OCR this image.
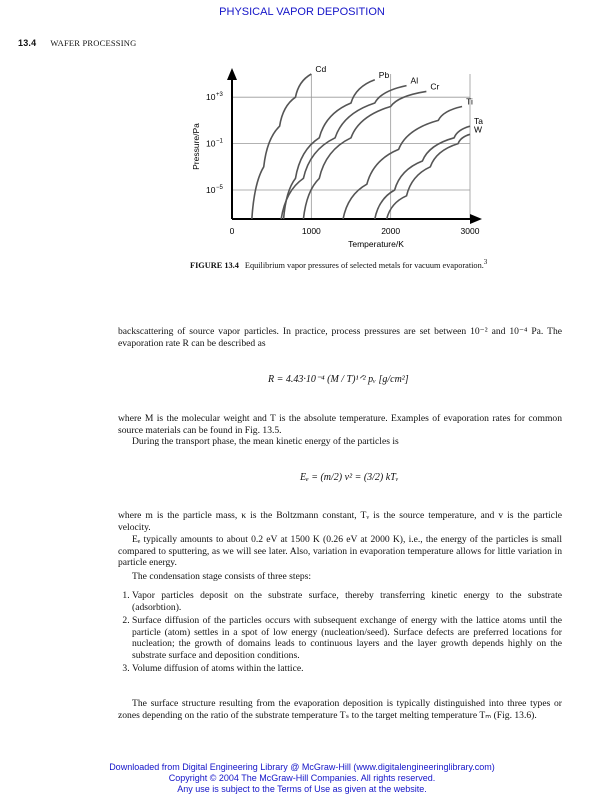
PHYSICAL VAPOR DEPOSITION
13.4 WAFER PROCESSING
0	1000	2000	3000
10 +3
10 −1
10 −5
Temperature/K
Pressure/Pa
Cd
Pb
Al
Cr
Ti
Ta
W
FIGURE 13.4 Equilibrium vapor pressures of selected metals for vacuum evaporation.$^3$
backscattering of source vapor particles. In practice, process pressures are set between 10⁻² and 10⁻⁴ Pa. The evaporation rate R can be described as
R = 4.43·10⁻⁴ (M / T)¹ᐟ² pᵥ [g/cm²]
where M is the molecular weight and T is the absolute temperature. Examples of evaporation rates for common source materials can be found in Fig. 13.5.
During the transport phase, the mean kinetic energy of the particles is
Eₑ = (m/2) v² = (3/2) kTᵥ
where m is the particle mass, κ is the Boltzmann constant, Tᵥ is the source temperature, and v is the particle velocity.
Eₑ typically amounts to about 0.2 eV at 1500 K (0.26 eV at 2000 K), i.e., the energy of the particles is small compared to sputtering, as we will see later. Also, variation in evaporation temperature allows for little variation in particle energy.
The condensation stage consists of three steps:
1. Vapor particles deposit on the substrate surface, thereby transferring kinetic energy to the substrate (adsorbtion).
2. Surface diffusion of the particles occurs with subsequent exchange of energy with the lattice atoms until the particle (atom) settles in a spot of low energy (nucleation/seed). Surface defects are preferred locations for nucleation; the growth of domains leads to continuous layers and the layer growth depends highly on the substrate surface and deposition conditions.
3. Volume diffusion of atoms within the lattice.
The surface structure resulting from the evaporation deposition is typically distinguished into three types or zones depending on the ratio of the substrate temperature Tₛ to the target melting temperature Tₘ (Fig. 13.6).
Downloaded from Digital Engineering Library @ McGraw-Hill (www.digitalengineeringlibrary.com)
Copyright © 2004 The McGraw-Hill Companies. All rights reserved.
Any use is subject to the Terms of Use as given at the website.
